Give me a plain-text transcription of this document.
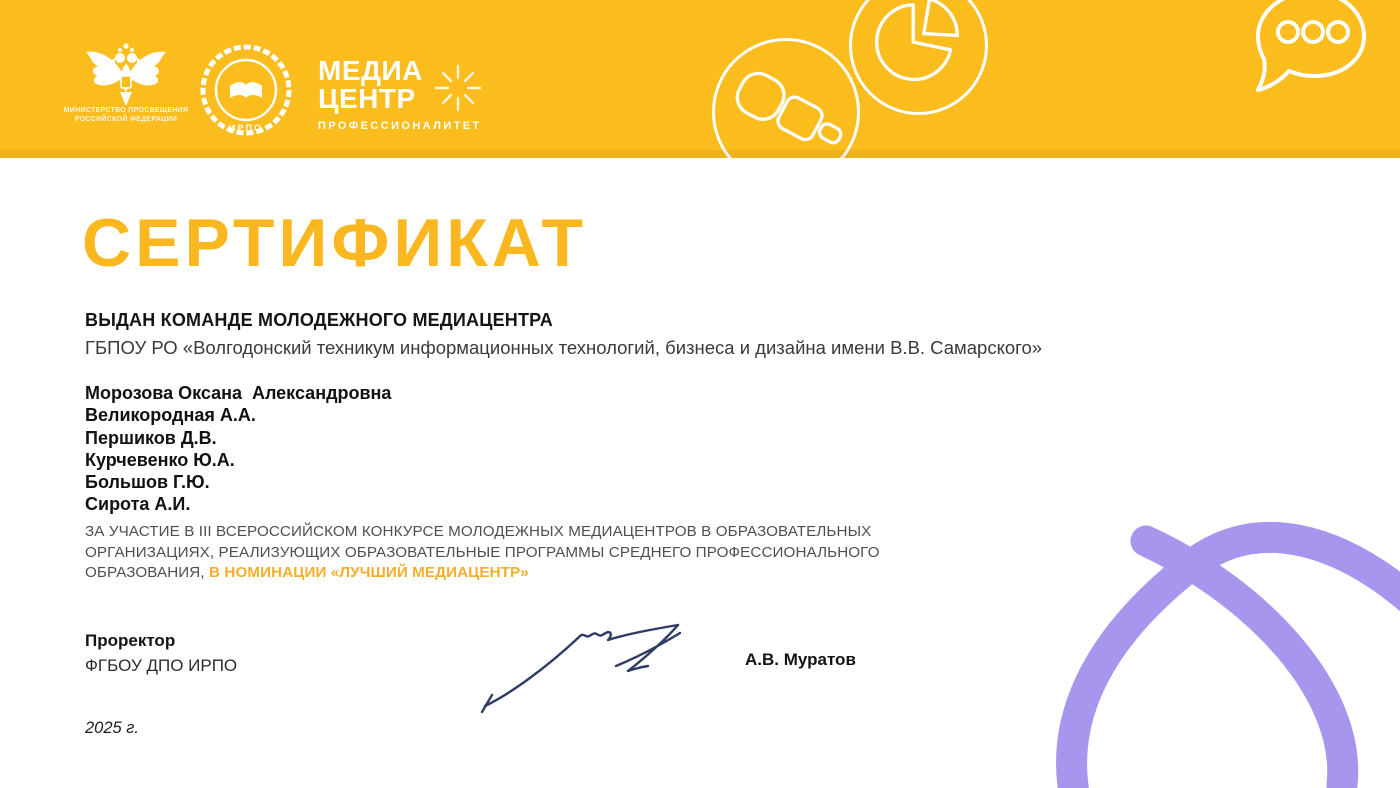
МИНИСТЕРСТВО ПРОСВЕЩЕНИЯ
РОССИЙСКОЙ ФЕДЕРАЦИИ
ИРПО
МЕДИА
ЦЕНТР
ПРОФЕССИОНАЛИТЕТ
СЕРТИФИКАТ
ВЫДАН КОМАНДЕ МОЛОДЕЖНОГО МЕДИАЦЕНТРА
ГБПОУ РО «Волгодонский техникум информационных технологий, бизнеса и дизайна имени В.В. Самарского»
Морозова Оксана  Александровна
Великородная А.А.
Першиков Д.В.
Курчевенко Ю.А.
Большов Г.Ю.
Сирота А.И.
ЗА УЧАСТИЕ В III ВСЕРОССИЙСКОМ КОНКУРСЕ МОЛОДЕЖНЫХ МЕДИАЦЕНТРОВ В ОБРАЗОВАТЕЛЬНЫХ
ОРГАНИЗАЦИЯХ, РЕАЛИЗУЮЩИХ ОБРАЗОВАТЕЛЬНЫЕ ПРОГРАММЫ СРЕДНЕГО ПРОФЕССИОНАЛЬНОГО
ОБРАЗОВАНИЯ, В НОМИНАЦИИ «ЛУЧШИЙ МЕДИАЦЕНТР»
Проректор
ФГБОУ ДПО ИРПО	А.В. Муратов
2025 г.
